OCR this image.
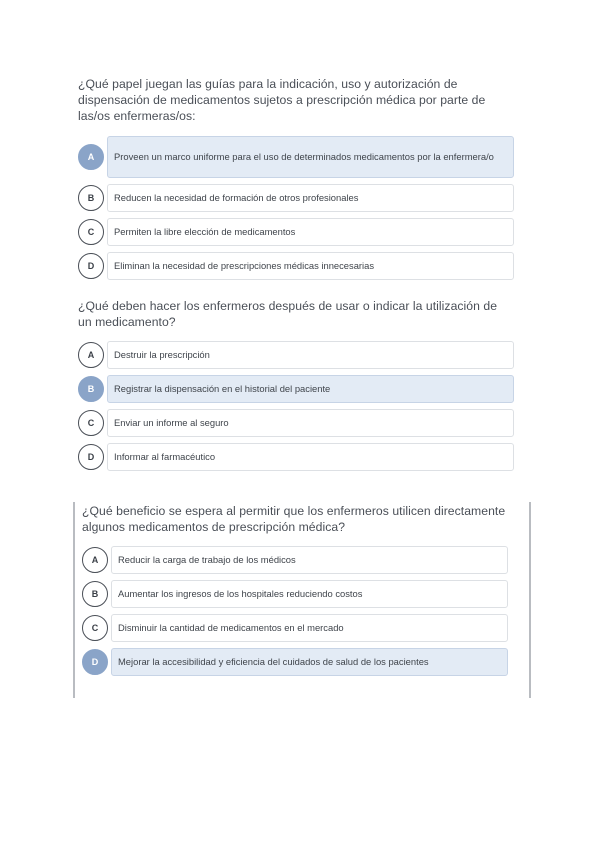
¿Qué papel juegan las guías para la indicación, uso y autorización de dispensación de medicamentos sujetos a prescripción médica por parte de las/os enfermeras/os:

A	Proveen un marco uniforme para el uso de determinados medicamentos por la enfermera/o
B	Reducen la necesidad de formación de otros profesionales
C	Permiten la libre elección de medicamentos
D	Eliminan la necesidad de prescripciones médicas innecesarias

¿Qué deben hacer los enfermeros después de usar o indicar la utilización de un medicamento?

A	Destruir la prescripción
B	Registrar la dispensación en el historial del paciente
C	Enviar un informe al seguro
D	Informar al farmacéutico

¿Qué beneficio se espera al permitir que los enfermeros utilicen directamente algunos medicamentos de prescripción médica?

A	Reducir la carga de trabajo de los médicos
B	Aumentar los ingresos de los hospitales reduciendo costos
C	Disminuir la cantidad de medicamentos en el mercado
D	Mejorar la accesibilidad y eficiencia del cuidados de salud de los pacientes
